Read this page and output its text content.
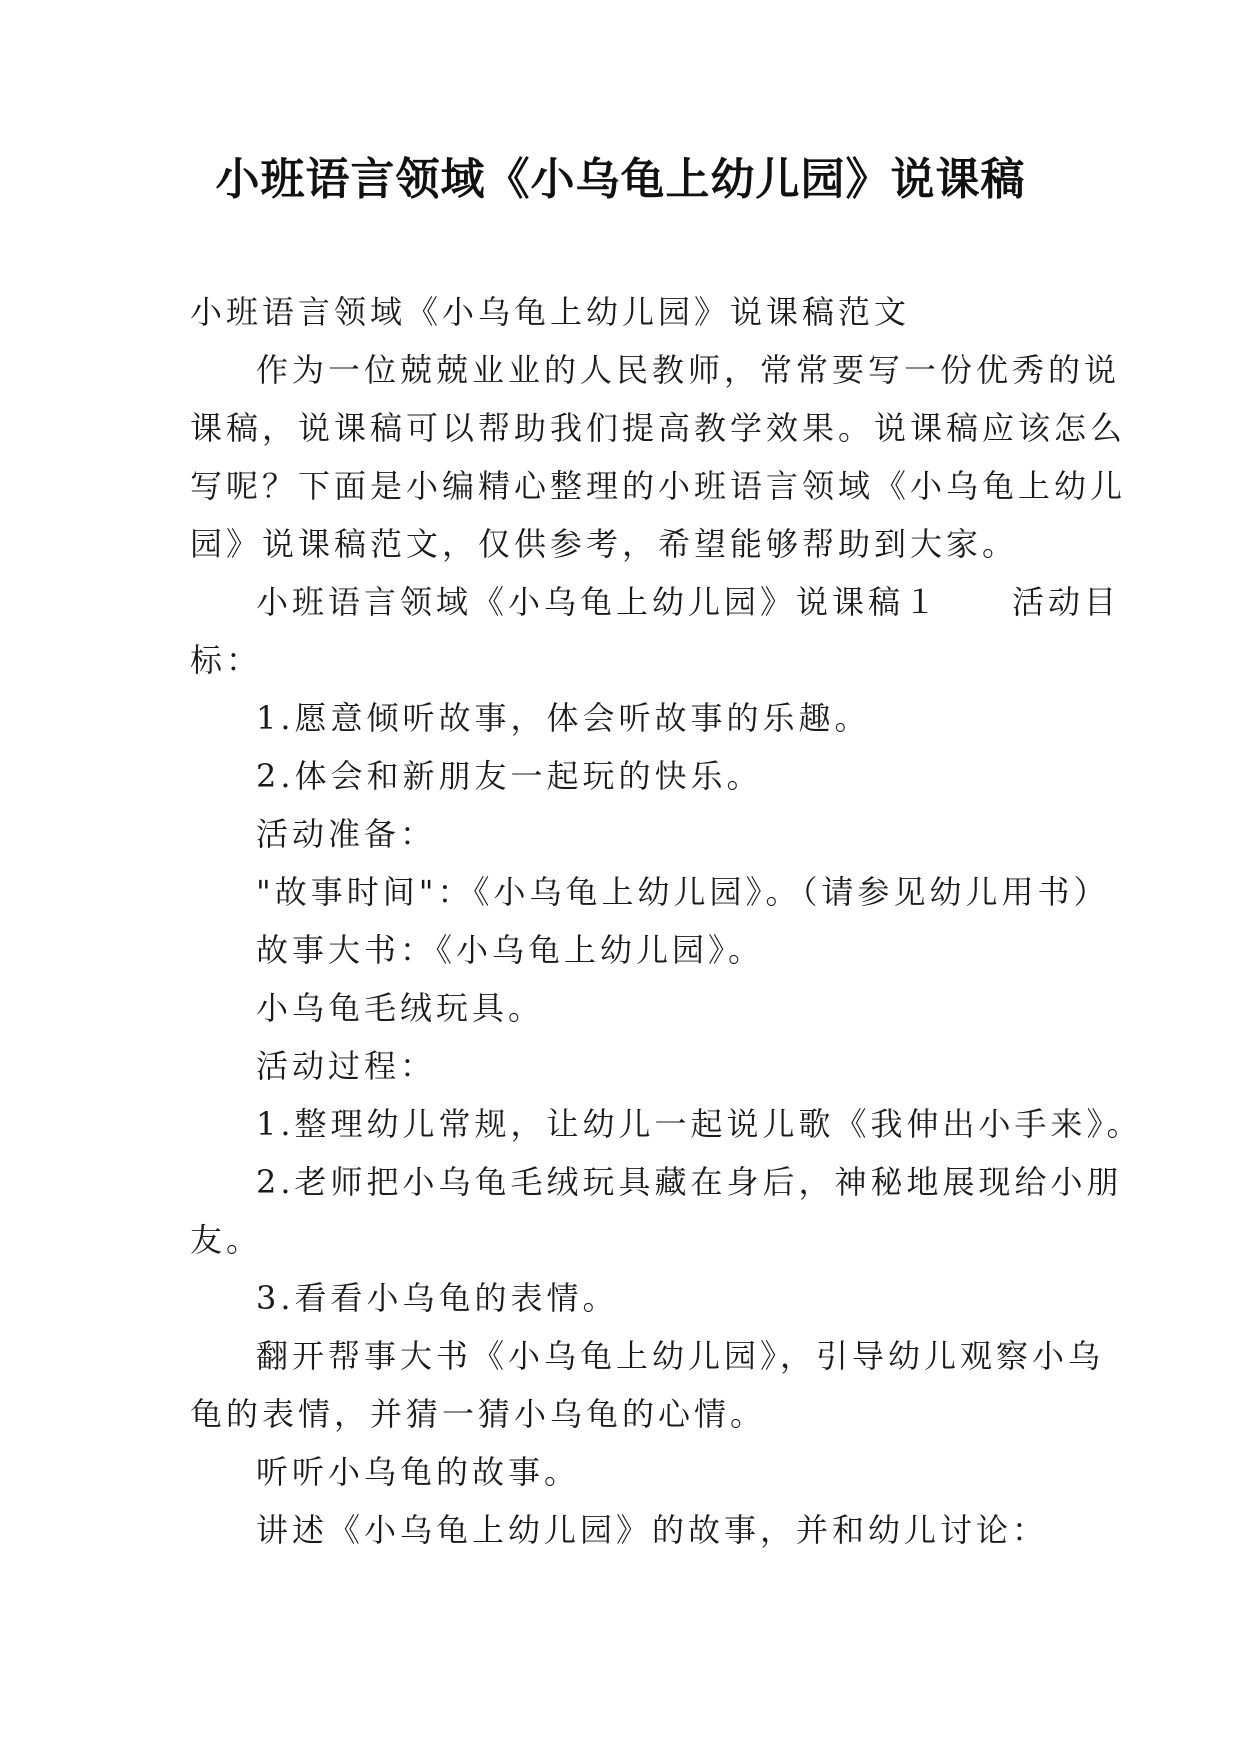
小班语言领域《小乌龟上幼儿园》说课稿

小班语言领域《小乌龟上幼儿园》说课稿范文

作为一位兢兢业业的人民教师，常常要写一份优秀的说

课稿，说课稿可以帮助我们提高教学效果。说课稿应该怎么

写呢？下面是小编精心整理的小班语言领域《小乌龟上幼儿

园》说课稿范文，仅供参考，希望能够帮助到大家。

小班语言领域《小乌龟上幼儿园》说课稿１　　活动目

标：

1.愿意倾听故事，体会听故事的乐趣。

2.体会和新朋友一起玩的快乐。

活动准备：

"故事时间"：《小乌龟上幼儿园》。（请参见幼儿用书）

故事大书：《小乌龟上幼儿园》。

小乌龟毛绒玩具。

活动过程：

1.整理幼儿常规，让幼儿一起说儿歌《我伸出小手来》。

2.老师把小乌龟毛绒玩具藏在身后，神秘地展现给小朋

友。

3.看看小乌龟的表情。

翻开帮事大书《小乌龟上幼儿园》，引导幼儿观察小乌

龟的表情，并猜一猜小乌龟的心情。

听听小乌龟的故事。

讲述《小乌龟上幼儿园》的故事，并和幼儿讨论：
